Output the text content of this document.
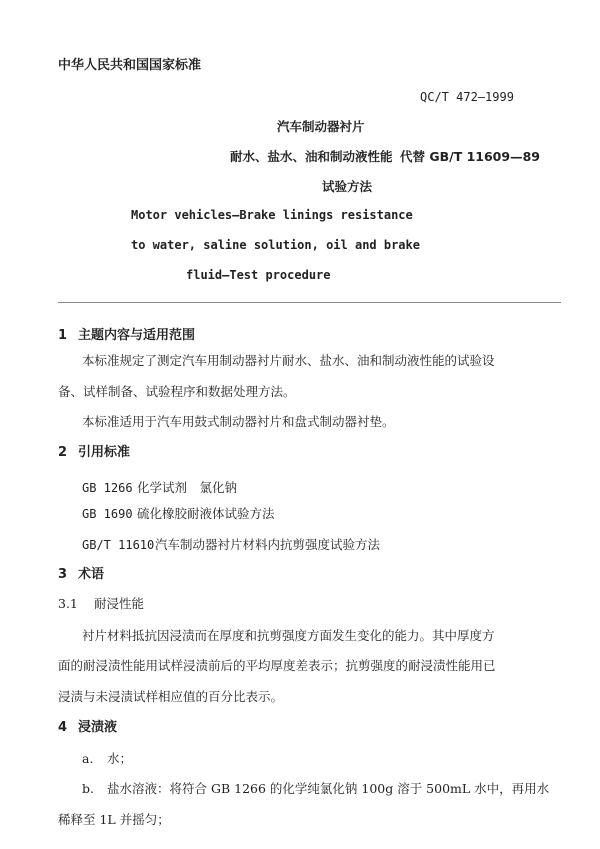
中华人民共和国国家标准
QC/T 472—1999
汽车制动器衬片
耐水、盐水、油和制动液性能 代替 GB/T 11609—89
试验方法
Motor vehicles—Brake linings resistance
to water, saline solution, oil and brake
fluid—Test procedure
1 主题内容与适用范围
本标准规定了测定汽车用制动器衬片耐水、盐水、油和制动液性能的试验设
备、试样制备、试验程序和数据处理方法。
本标准适用于汽车用鼓式制动器衬片和盘式制动器衬垫。
2 引用标准
GB 1266 化学试剂　氯化钠
GB 1690 硫化橡胶耐液体试验方法
GB/T 11610汽车制动器衬片材料内抗剪强度试验方法
3 术语
3.1 耐浸性能
衬片材料抵抗因浸渍而在厚度和抗剪强度方面发生变化的能力。其中厚度方
面的耐浸渍性能用试样浸渍前后的平均厚度差表示；抗剪强度的耐浸渍性能用已
浸渍与未浸渍试样相应值的百分比表示。
4 浸渍液
a. 水；
b. 盐水溶液：将符合 GB 1266 的化学纯氯化钠 100g 溶于 500mL 水中，再用水
稀释至 1L 并摇匀；
